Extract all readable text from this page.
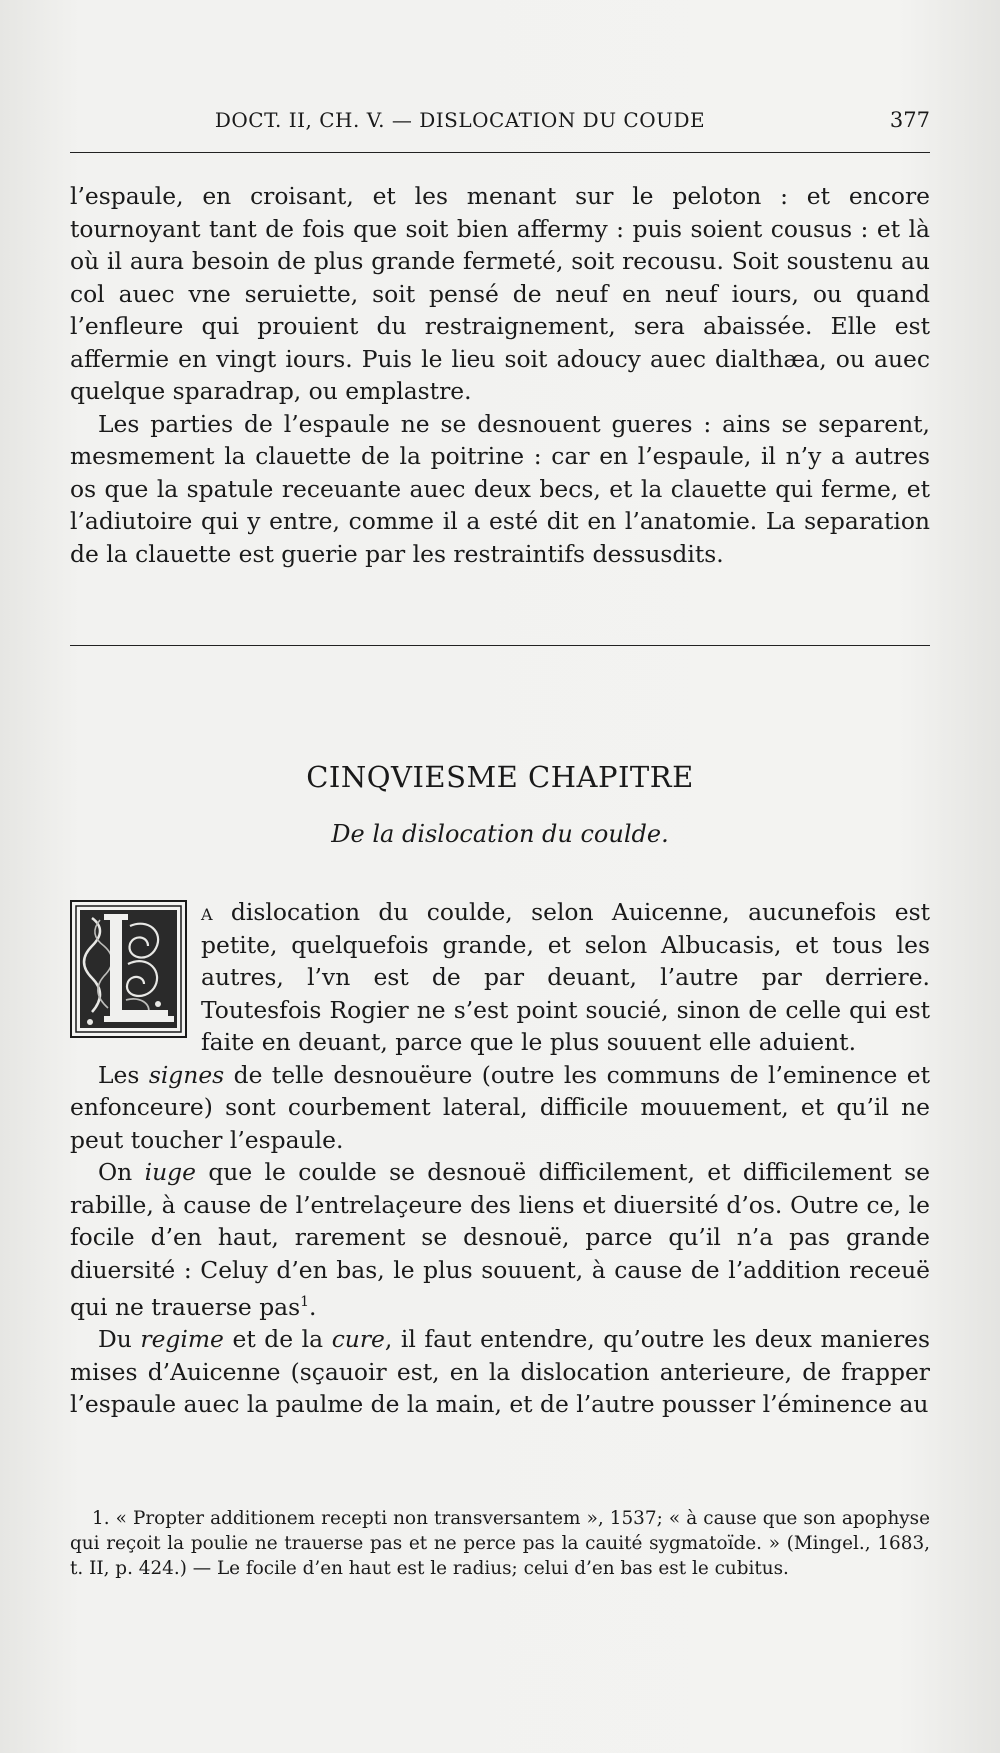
DOCT. II, CH. V. — DISLOCATION DU COUDE	377

l’espaule, en croisant, et les menant sur le peloton : et encore tournoyant tant de fois que soit bien affermy : puis soient cousus : et là où il aura besoin de plus grande fermeté, soit recousu. Soit soustenu au col auec vne seruiette, soit pensé de neuf en neuf iours, ou quand l’enfleure qui prouient du restraignement, sera abaissée. Elle est affermie en vingt iours. Puis le lieu soit adoucy auec dialthæa, ou auec quelque sparadrap, ou emplastre.

Les parties de l’espaule ne se desnouent gueres : ains se separent, mesmement la clauette de la poitrine : car en l’espaule, il n’y a autres os que la spatule receuante auec deux becs, et la clauette qui ferme, et l’adiutoire qui y entre, comme il a esté dit en l’anatomie. La separation de la clauette est guerie par les restraintifs dessusdits.

CINQVIESME CHAPITRE
De la dislocation du coulde.

a dislocation du coulde, selon Auicenne, aucunefois est petite, quelquefois grande, et selon Albucasis, et tous les autres, l’vn est de par deuant, l’autre par derriere. Toutesfois Rogier ne s’est point soucié, sinon de celle qui est faite en deuant, parce que le plus souuent elle aduient.

Les signes de telle desnouëure (outre les communs de l’eminence et enfonceure) sont courbement lateral, difficile mouuement, et qu’il ne peut toucher l’espaule.

On iuge que le coulde se desnouë difficilement, et difficilement se rabille, à cause de l’entrelaçeure des liens et diuersité d’os. Outre ce, le focile d’en haut, rarement se desnouë, parce qu’il n’a pas grande diuersité : Celuy d’en bas, le plus souuent, à cause de l’addition receuë qui ne trauerse pas$^1$.

Du regime et de la cure, il faut entendre, qu’outre les deux manieres mises d’Auicenne (sçauoir est, en la dislocation anterieure, de frapper l’espaule auec la paulme de la main, et de l’autre pousser l’éminence au

1. « Propter additionem recepti non transversantem », 1537; « à cause que son apophyse qui reçoit la poulie ne trauerse pas et ne perce pas la cauité sygmatoïde. » (Mingel., 1683, t. II, p. 424.) — Le focile d’en haut est le radius; celui d’en bas est le cubitus.
